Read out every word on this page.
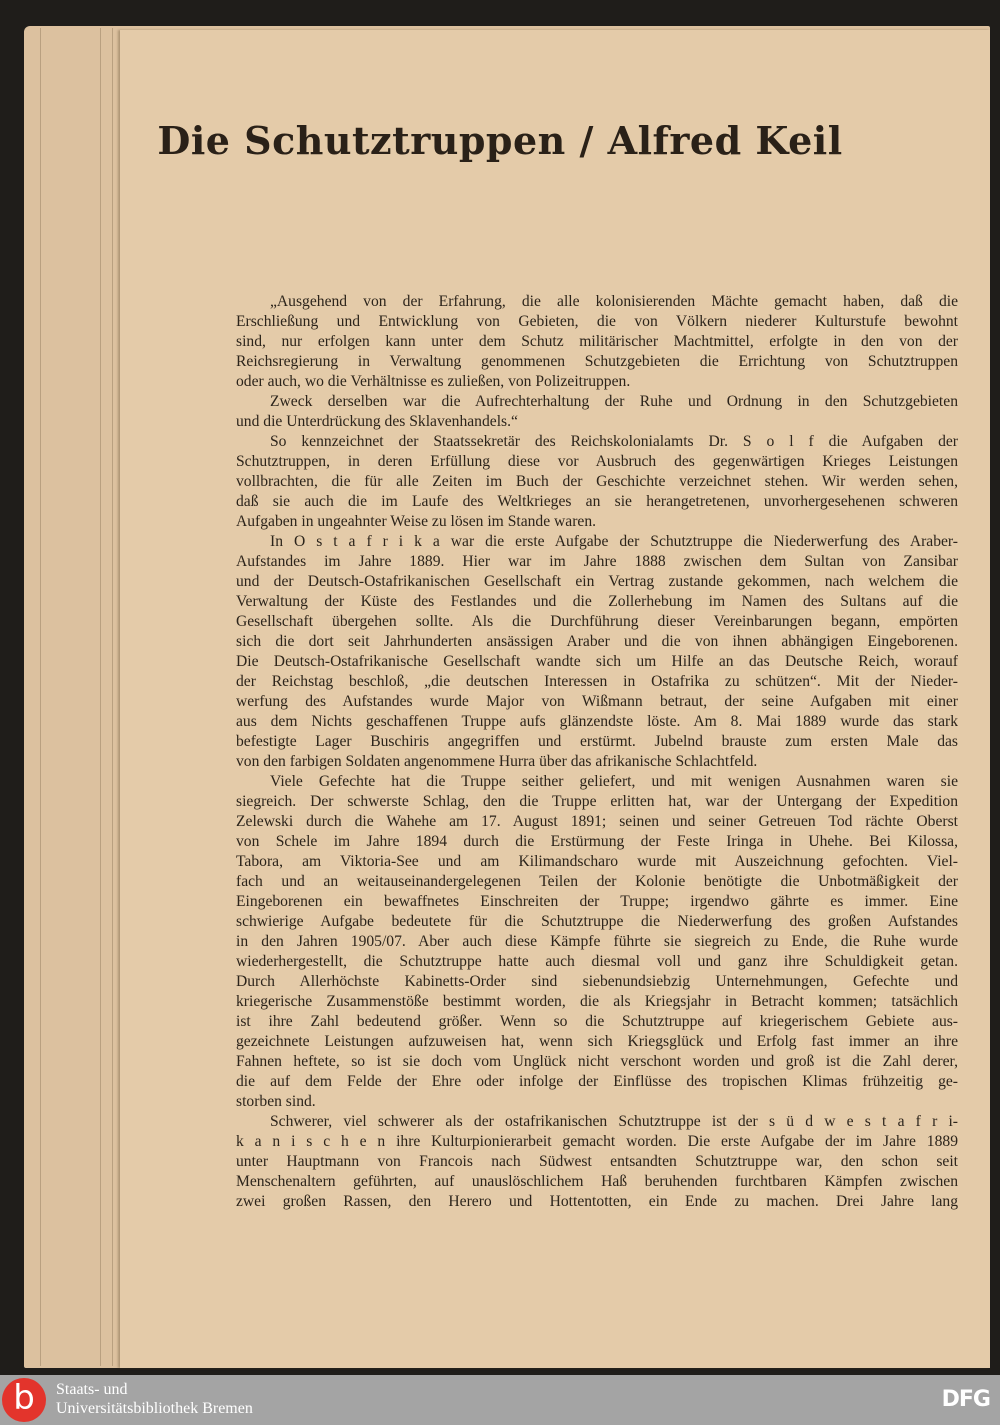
Die Schutztruppen / Alfred Keil
„Ausgehend von der Erfahrung, die alle kolonisierenden Mächte gemacht haben, daß die
Erschließung und Entwicklung von Gebieten, die von Völkern niederer Kulturstufe bewohnt
sind, nur erfolgen kann unter dem Schutz militärischer Machtmittel, erfolgte in den von der
Reichsregierung in Verwaltung genommenen Schutzgebieten die Errichtung von Schutztruppen
oder auch, wo die Verhältnisse es zuließen, von Polizeitruppen.
Zweck derselben war die Aufrechterhaltung der Ruhe und Ordnung in den Schutzgebieten
und die Unterdrückung des Sklavenhandels.“
So kennzeichnet der Staatssekretär des Reichskolonialamts Dr. S o l f die Aufgaben der
Schutztruppen, in deren Erfüllung diese vor Ausbruch des gegenwärtigen Krieges Leistungen
vollbrachten, die für alle Zeiten im Buch der Geschichte verzeichnet stehen. Wir werden sehen,
daß sie auch die im Laufe des Weltkrieges an sie herangetretenen, unvorhergesehenen schweren
Aufgaben in ungeahnter Weise zu lösen im Stande waren.
In O s t a f r i k a war die erste Aufgabe der Schutztruppe die Niederwerfung des Araber-
Aufstandes im Jahre 1889. Hier war im Jahre 1888 zwischen dem Sultan von Zansibar
und der Deutsch-Ostafrikanischen Gesellschaft ein Vertrag zustande gekommen, nach welchem die
Verwaltung der Küste des Festlandes und die Zollerhebung im Namen des Sultans auf die
Gesellschaft übergehen sollte. Als die Durchführung dieser Vereinbarungen begann, empörten
sich die dort seit Jahrhunderten ansässigen Araber und die von ihnen abhängigen Eingeborenen.
Die Deutsch-Ostafrikanische Gesellschaft wandte sich um Hilfe an das Deutsche Reich, worauf
der Reichstag beschloß, „die deutschen Interessen in Ostafrika zu schützen“. Mit der Nieder-
werfung des Aufstandes wurde Major von Wißmann betraut, der seine Aufgaben mit einer
aus dem Nichts geschaffenen Truppe aufs glänzendste löste. Am 8. Mai 1889 wurde das stark
befestigte Lager Buschiris angegriffen und erstürmt. Jubelnd brauste zum ersten Male das
von den farbigen Soldaten angenommene Hurra über das afrikanische Schlachtfeld.
Viele Gefechte hat die Truppe seither geliefert, und mit wenigen Ausnahmen waren sie
siegreich. Der schwerste Schlag, den die Truppe erlitten hat, war der Untergang der Expedition
Zelewski durch die Wahehe am 17. August 1891; seinen und seiner Getreuen Tod rächte Oberst
von Schele im Jahre 1894 durch die Erstürmung der Feste Iringa in Uhehe. Bei Kilossa,
Tabora, am Viktoria-See und am Kilimandscharo wurde mit Auszeichnung gefochten. Viel-
fach und an weitauseinandergelegenen Teilen der Kolonie benötigte die Unbotmäßigkeit der
Eingeborenen ein bewaffnetes Einschreiten der Truppe; irgendwo gährte es immer. Eine
schwierige Aufgabe bedeutete für die Schutztruppe die Niederwerfung des großen Aufstandes
in den Jahren 1905/07. Aber auch diese Kämpfe führte sie siegreich zu Ende, die Ruhe wurde
wiederhergestellt, die Schutztruppe hatte auch diesmal voll und ganz ihre Schuldigkeit getan.
Durch Allerhöchste Kabinetts-Order sind siebenundsiebzig Unternehmungen, Gefechte und
kriegerische Zusammenstöße bestimmt worden, die als Kriegsjahr in Betracht kommen; tatsächlich
ist ihre Zahl bedeutend größer. Wenn so die Schutztruppe auf kriegerischem Gebiete aus-
gezeichnete Leistungen aufzuweisen hat, wenn sich Kriegsglück und Erfolg fast immer an ihre
Fahnen heftete, so ist sie doch vom Unglück nicht verschont worden und groß ist die Zahl derer,
die auf dem Felde der Ehre oder infolge der Einflüsse des tropischen Klimas frühzeitig ge-
storben sind.
Schwerer, viel schwerer als der ostafrikanischen Schutztruppe ist der s ü d w e s t a f r i-
k a n i s c h e n ihre Kulturpionierarbeit gemacht worden. Die erste Aufgabe der im Jahre 1889
unter Hauptmann von Francois nach Südwest entsandten Schutztruppe war, den schon seit
Menschenaltern geführten, auf unauslöschlichem Haß beruhenden furchtbaren Kämpfen zwischen
zwei großen Rassen, den Herero und Hottentotten, ein Ende zu machen. Drei Jahre lang
b	Staats- und
Universitätsbibliothek Bremen	DFG
